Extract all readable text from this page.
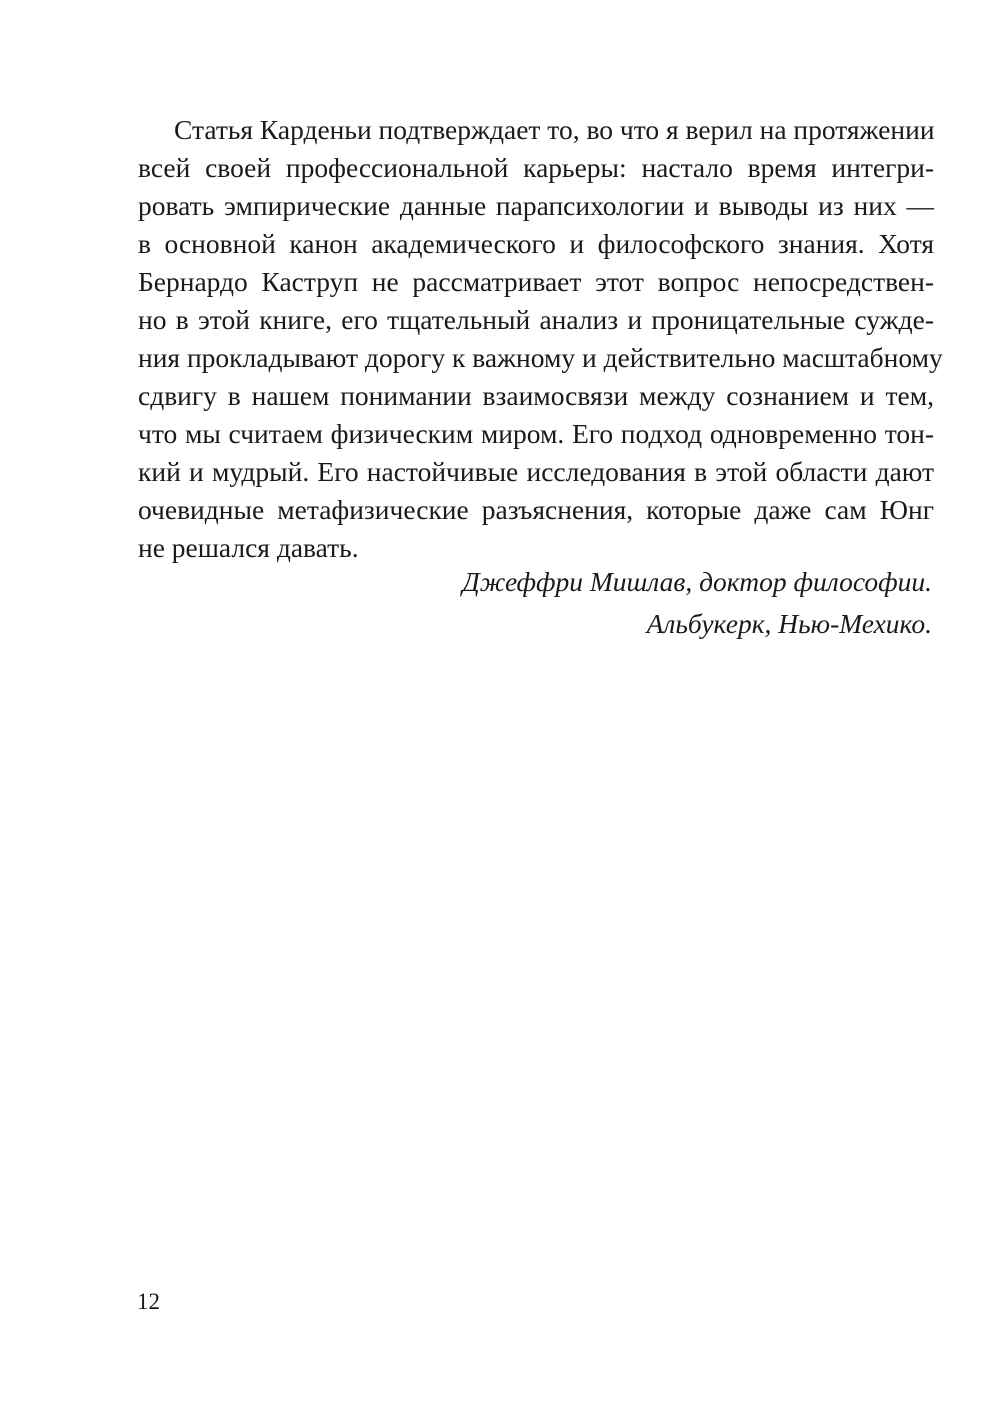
Статья Карденьи подтверждает то, во что я верил на протяжении
всей своей профессиональной карьеры: настало время интегри-
ровать эмпирические данные парапсихологии и выводы из них —
в основной канон академического и философского знания. Хотя
Бернардо Каструп не рассматривает этот вопрос непосредствен-
но в этой книге, его тщательный анализ и проницательные сужде-
ния прокладывают дорогу к важному и действительно масштабному
сдвигу в нашем понимании взаимосвязи между сознанием и тем,
что мы считаем физическим миром. Его подход одновременно тон-
кий и мудрый. Его настойчивые исследования в этой области дают
очевидные метафизические разъяснения, которые даже сам Юнг
не решался давать.
Джеффри Мишлав, доктор философии.
Альбукерк, Нью-Мехико.
12
